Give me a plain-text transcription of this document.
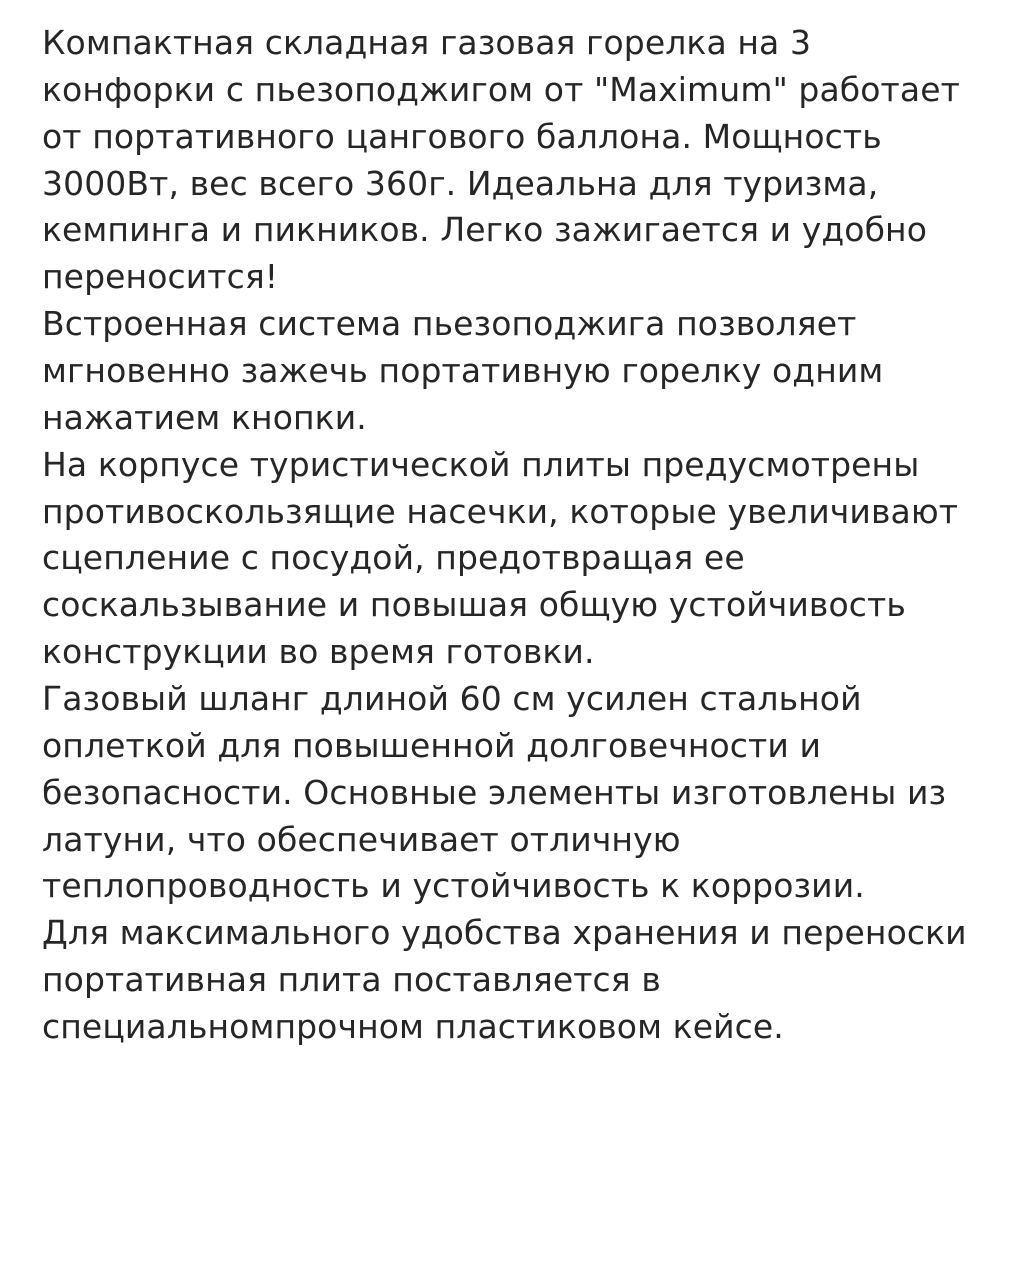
Компактная складная газовая горелка на 3 конфорки с пьезоподжигом от "Maximum" работает от портативного цангового баллона. Мощность 3000Вт, вес всего 360г. Идеальна для туризма, кемпинга и пикников. Легко зажигается и удобно переносится!

Встроенная система пьезоподжига позволяет мгновенно зажечь портативную горелку одним нажатием кнопки.

На корпусе туристической плиты предусмотрены противоскользящие насечки, которые увеличивают сцепление с посудой, предотвращая ее соскальзывание и повышая общую устойчивость конструкции во время готовки.

Газовый шланг длиной 60 см усилен стальной оплеткой для повышенной долговечности и безопасности. Основные элементы изготовлены из латуни, что обеспечивает отличную теплопроводность и устойчивость к коррозии.

Для максимального удобства хранения и переноски портативная плита поставляется в специальномпрочном пластиковом кейсе.
